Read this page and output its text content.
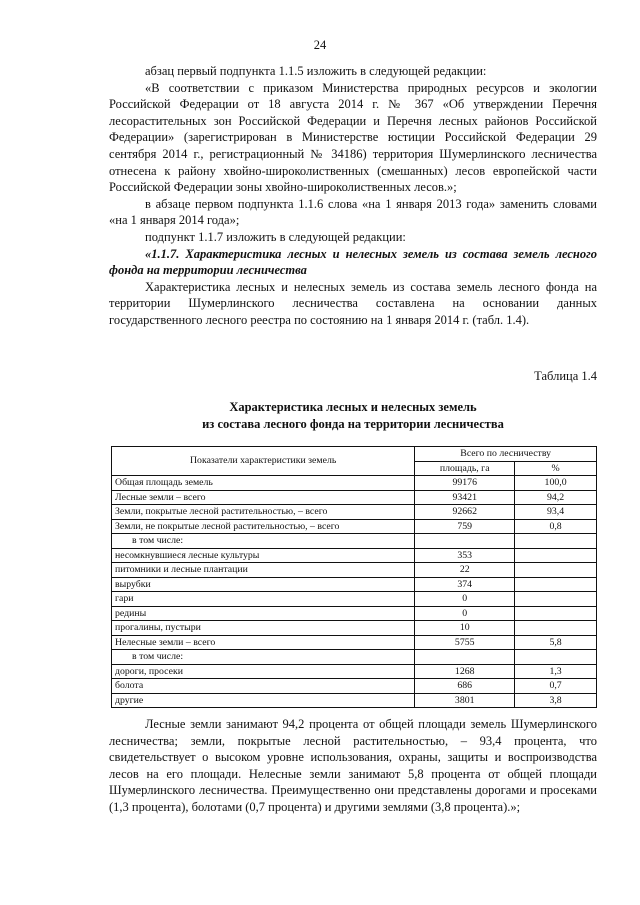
24

абзац первый подпункта 1.1.5 изложить в следующей редакции:

«В соответствии с приказом Министерства природных ресурсов и экологии Российской Федерации от 18 августа 2014 г. № 367 «Об утверждении Перечня лесорастительных зон Российской Федерации и Перечня лесных районов Российской Федерации» (зарегистрирован в Министерстве юстиции Российской Федерации 29 сентября 2014 г., регистрационный № 34186) территория Шумерлинского лесничества отнесена к району хвойно-широколиственных (смешанных) лесов европейской части Российской Федерации зоны хвойно-широколиственных лесов.»;

в абзаце первом подпункта 1.1.6 слова «на 1 января 2013 года» заменить словами «на 1 января 2014 года»;

подпункт 1.1.7 изложить в следующей редакции:

«1.1.7. Характеристика лесных и нелесных земель из состава земель лесного фонда на территории лесничества

Характеристика лесных и нелесных земель из состава земель лесного фонда на территории Шумерлинского лесничества составлена на основании данных государственного лесного реестра по состоянию на 1 января 2014 г. (табл. 1.4).

Таблица 1.4
Характеристика лесных и нелесных земель
из состава лесного фонда на территории лесничества
Показатели характеристики земель	Всего по лесничеству	
	площадь, га	%
Общая площадь земель	99176	100,0
Лесные земли – всего	93421	94,2
Земли, покрытые лесной растительностью, – всего	92662	93,4
Земли, не покрытые лесной растительностью, – всего	759	0,8
в том числе:		
несомкнувшиеся лесные культуры	353	
питомники и лесные плантации	22	
вырубки	374	
гари	0	
редины	0	
прогалины, пустыри	10	
Нелесные земли – всего	5755	5,8
в том числе:		
дороги, просеки	1268	1,3
болота	686	0,7
другие	3801	3,8

Лесные земли занимают 94,2 процента от общей площади земель Шумерлинского лесничества; земли, покрытые лесной растительностью, – 93,4 процента, что свидетельствует о высоком уровне использования, охраны, защиты и воспроизводства лесов на его площади. Нелесные земли занимают 5,8 процента от общей площади Шумерлинского лесничества. Преимущественно они представлены дорогами и просеками (1,3 процента), болотами (0,7 процента) и другими землями (3,8 процента).»;
